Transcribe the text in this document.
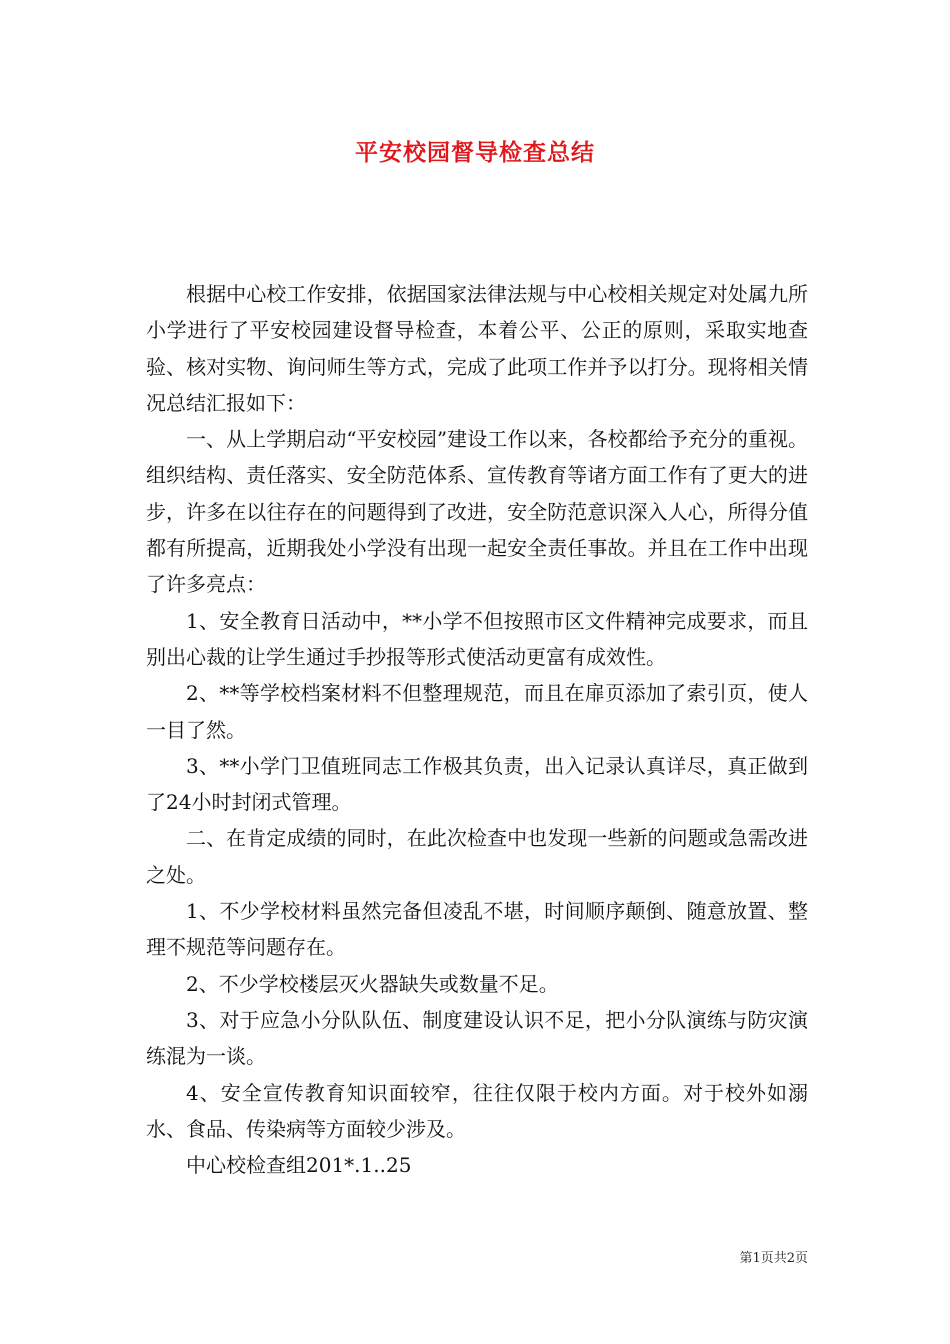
平安校园督导检查总结

根据中心校工作安排，依据国家法律法规与中心校相关规定对处属九所小学进行了平安校园建设督导检查，本着公平、公正的原则，采取实地查验、核对实物、询问师生等方式，完成了此项工作并予以打分。现将相关情况总结汇报如下：

一、从上学期启动“平安校园”建设工作以来，各校都给予充分的重视。组织结构、责任落实、安全防范体系、宣传教育等诸方面工作有了更大的进步，许多在以往存在的问题得到了改进，安全防范意识深入人心，所得分值都有所提高，近期我处小学没有出现一起安全责任事故。并且在工作中出现了许多亮点：

1、安全教育日活动中，**小学不但按照市区文件精神完成要求，而且别出心裁的让学生通过手抄报等形式使活动更富有成效性。

2、**等学校档案材料不但整理规范，而且在扉页添加了索引页，使人一目了然。

3、**小学门卫值班同志工作极其负责，出入记录认真详尽，真正做到了24小时封闭式管理。

二、在肯定成绩的同时，在此次检查中也发现一些新的问题或急需改进之处。

1、不少学校材料虽然完备但凌乱不堪，时间顺序颠倒、随意放置、整理不规范等问题存在。

2、不少学校楼层灭火器缺失或数量不足。

3、对于应急小分队队伍、制度建设认识不足，把小分队演练与防灾演练混为一谈。

4、安全宣传教育知识面较窄，往往仅限于校内方面。对于校外如溺水、食品、传染病等方面较少涉及。

中心校检查组201*.1..25

第1页共2页
